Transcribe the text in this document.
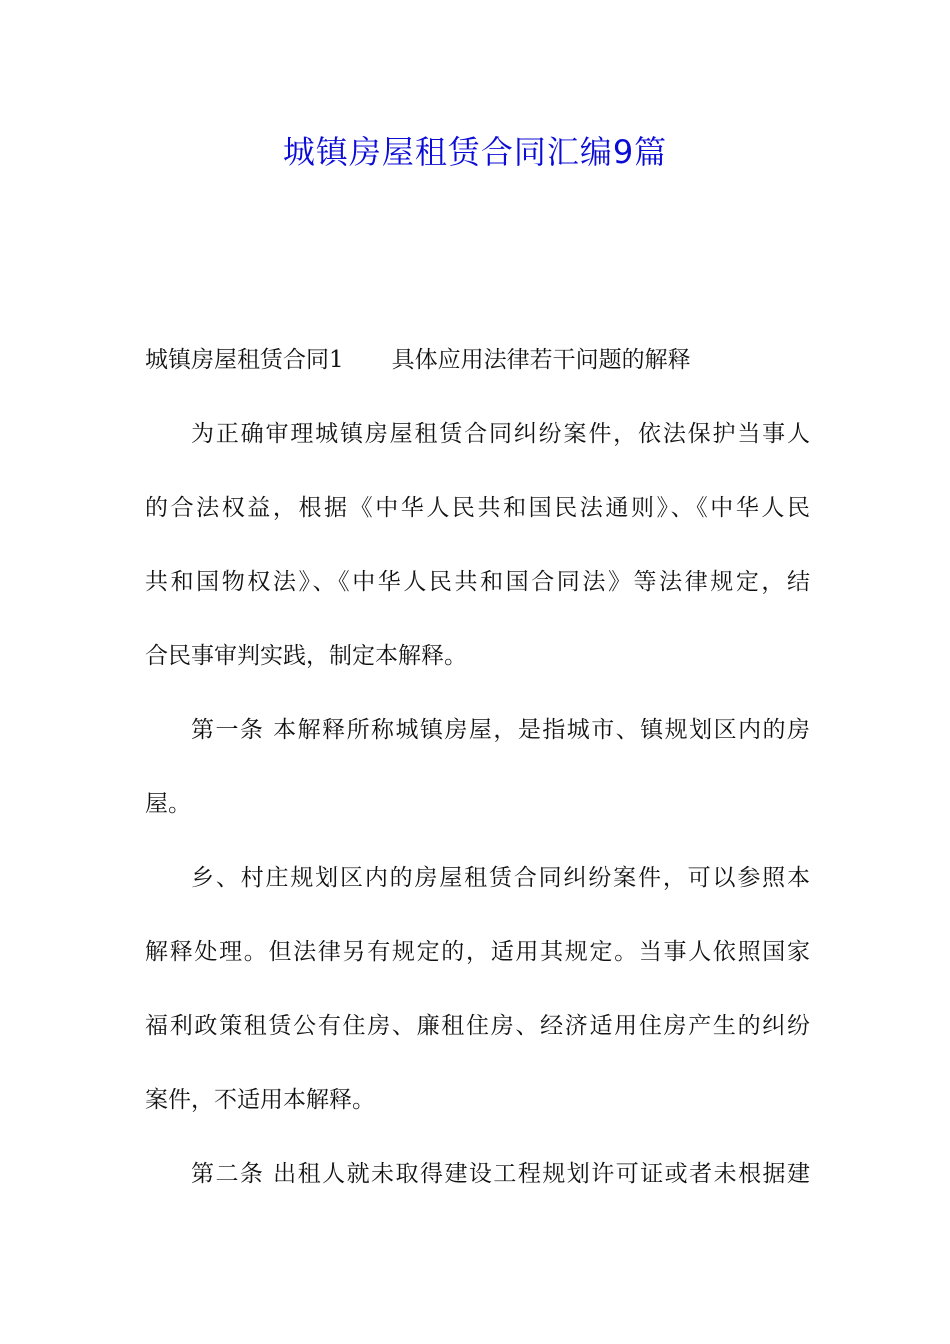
城镇房屋租赁合同汇编9篇
城镇房屋租赁合同1 具体应用法律若干问题的解释
为正确审理城镇房屋租赁合同纠纷案件，依法保护当事人
的合法权益，根据《中华人民共和国民法通则》、《中华人民
共和国物权法》、《中华人民共和国合同法》等法律规定，结
合民事审判实践，制定本解释。
第一条 本解释所称城镇房屋，是指城市、镇规划区内的房
屋。
乡、村庄规划区内的房屋租赁合同纠纷案件，可以参照本
解释处理。但法律另有规定的，适用其规定。当事人依照国家
福利政策租赁公有住房、廉租住房、经济适用住房产生的纠纷
案件，不适用本解释。
第二条 出租人就未取得建设工程规划许可证或者未根据建
